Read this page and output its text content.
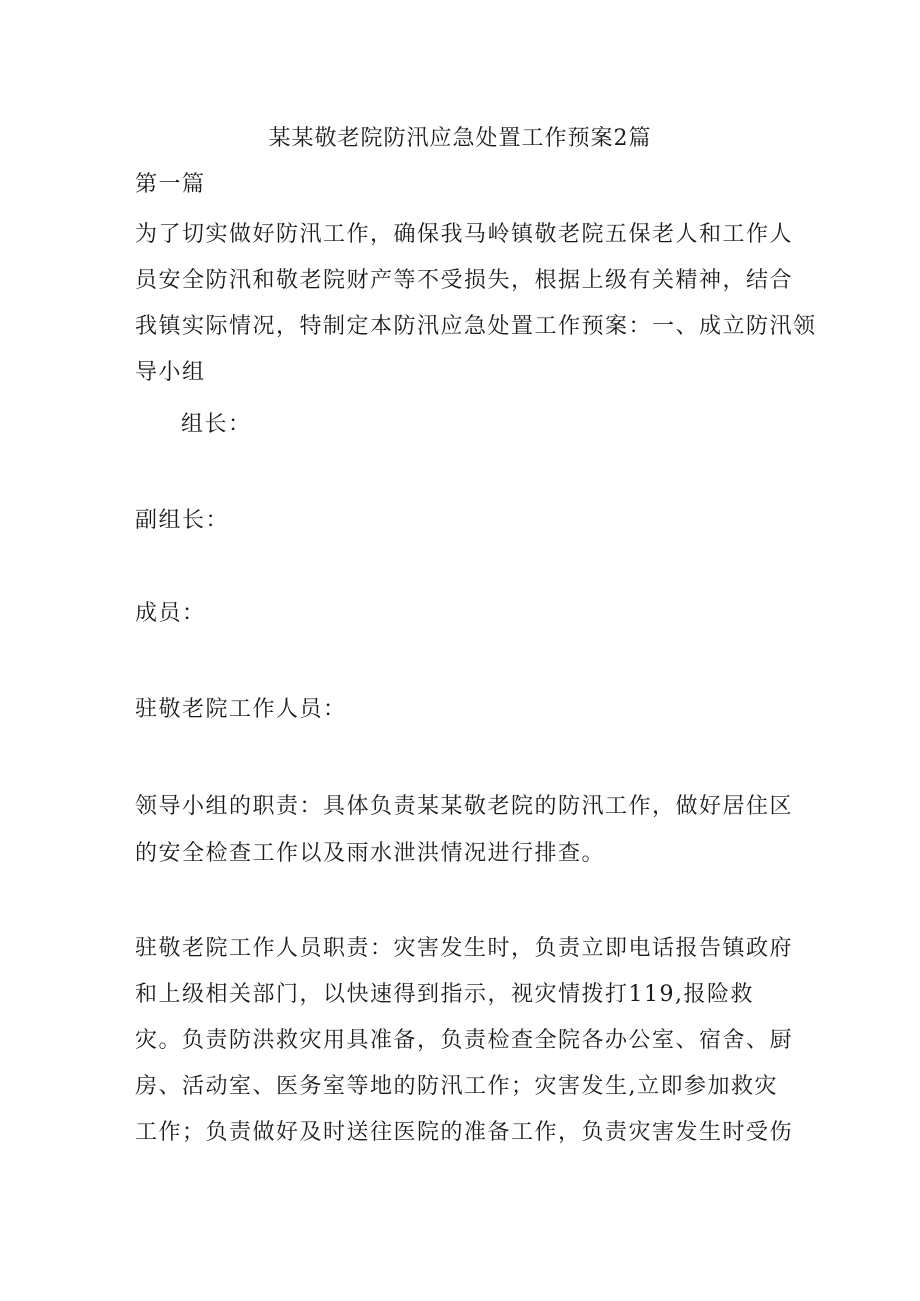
某某敬老院防汛应急处置工作预案2篇

第一篇

为了切实做好防汛工作，确保我马岭镇敬老院五保老人和工作人

员安全防汛和敬老院财产等不受损失，根据上级有关精神，结合

我镇实际情况，特制定本防汛应急处置工作预案：一、成立防汛领

导小组

组长：

副组长：

成员：

驻敬老院工作人员：

领导小组的职责：具体负责某某敬老院的防汛工作，做好居住区

的安全检查工作以及雨水泄洪情况进行排查。

驻敬老院工作人员职责：灾害发生时，负责立即电话报告镇政府

和上级相关部门，以快速得到指示，视灾情拨打119,报险救

灾。负责防洪救灾用具准备，负责检查全院各办公室、宿舍、厨

房、活动室、医务室等地的防汛工作；灾害发生,立即参加救灾

工作；负责做好及时送往医院的准备工作，负责灾害发生时受伤
